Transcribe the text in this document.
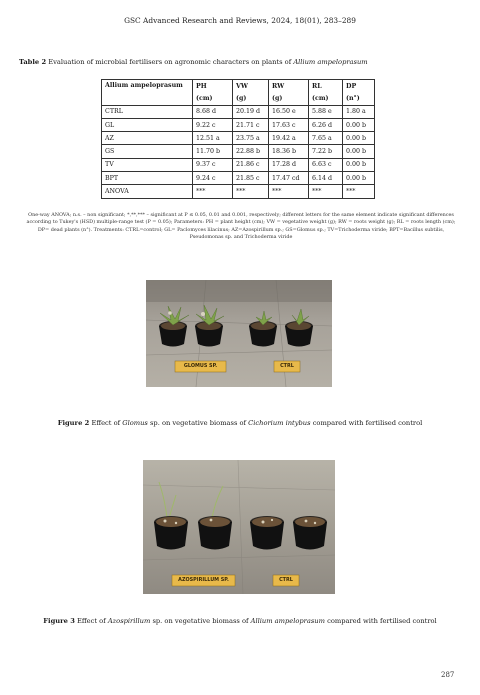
GSC Advanced Research and Reviews, 2024, 18(01), 283–289
Table 2 Evaluation of microbial fertilisers on agronomic characters on plants of Allium ampeloprasum
Allium ampeloprasum	PH	VW	RW	RL	DP
	(cm)	(g)	(g)	(cm)	(n°)
CTRL	8.68 d	20.19 d	16.50 e	5.88 e	1.80 a
GL	9.22 c	21.71 c	17.63 c	6.26 d	0.00 b
AZ	12.51 a	23.75 a	19.42 a	7.65 a	0.00 b
GS	11.70 b	22.88 b	18.36 b	7.22 b	0.00 b
TV	9.37 c	21.86 c	17.28 d	6.63 c	0.00 b
BPT	9.24 c	21.85 c	17.47 cd	6.14 d	0.00 b
ANOVA	***	***	***	***	***
One-way ANOVA; n.s. – non significant; *,**,*** – significant at P ≤ 0.05, 0.01 and 0.001, respectively; different letters for the same element indicate significant differences according to Tukey's (HSD) multiple-range test (P = 0.05); Parameters: PH = plant height (cm); VW = vegetative weight (g); RW = roots weight (g); RL = roots length (cm); DP= dead plants (n°). Treatments: CTRL=control; GL= Paclomyces lilacinus; AZ=Azospirillum sp.; GS=Glomus sp.; TV=Trichoderma viride; BPT=Bacillus subtilis, Pseudomonas sp. and Trichoderma viride
GLOMUS SP.	CTRL
Figure 2 Effect of Glomus sp. on vegetative biomass of Cichorium intybus compared with fertilised control
AZOSPIRILLUM SP.	CTRL
Figure 3 Effect of Azospirillum sp. on vegetative biomass of Allium ampeloprasum compared with fertilised control
287
